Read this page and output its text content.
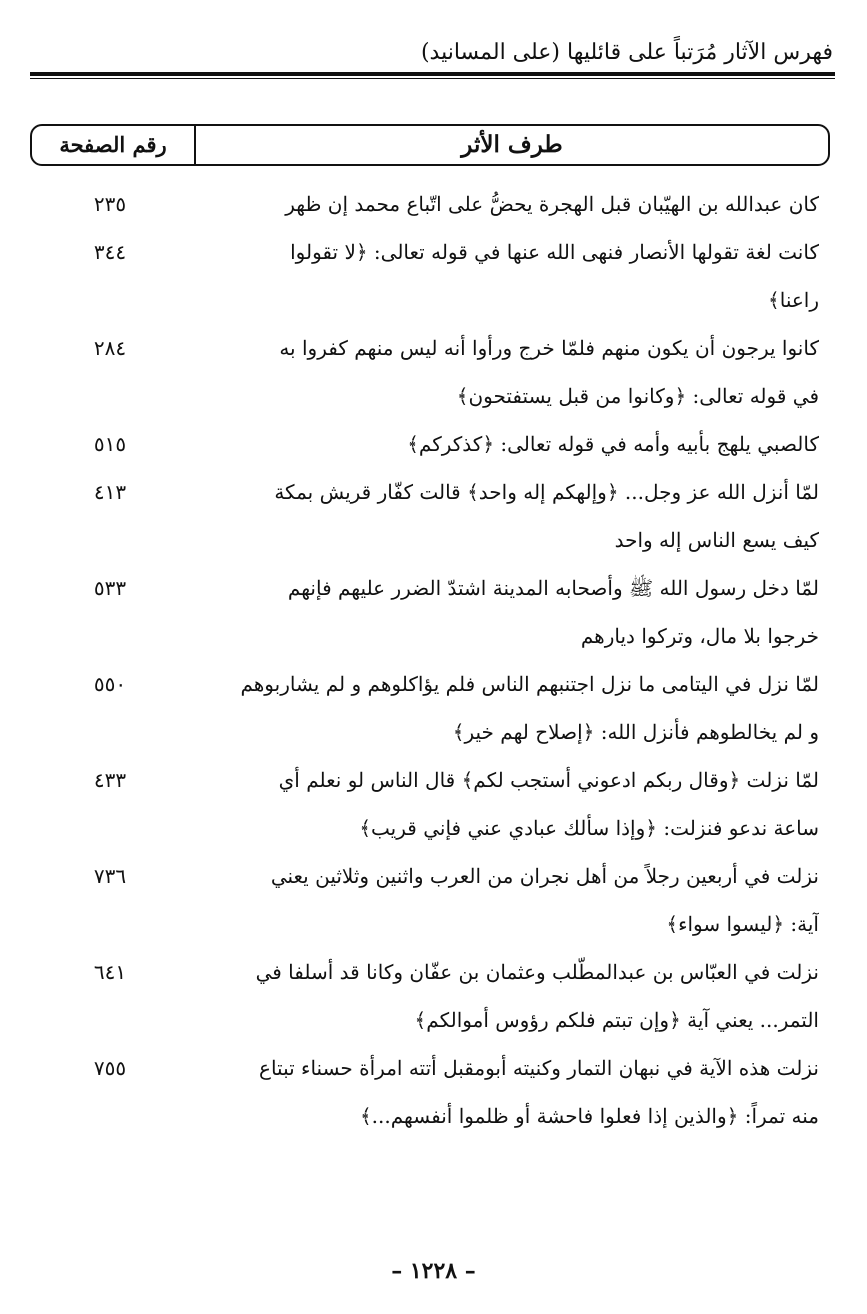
فهرس الآثار مُرَتباً على قائليها (على المسانيد)
طرف الأثر
رقم الصفحة
كان عبدالله بن الهيّبان قبل الهجرة يحضُّ على اتّباع محمد إن ظهر
٢٣٥
كانت لغة تقولها الأنصار فنهى الله عنها في قوله تعالى: ﴿لا تقولوا
راعنا﴾
٣٤٤
كانوا يرجون أن يكون منهم فلمّا خرج ورأوا أنه ليس منهم كفروا به
في قوله تعالى: ﴿وكانوا من قبل يستفتحون﴾
٢٨٤
كالصبي يلهج بأبيه وأمه في قوله تعالى: ﴿كذكركم﴾
٥١٥
لمّا أنزل الله عز وجل... ﴿وإلهكم إله واحد﴾ قالت كفّار قريش بمكة
كيف يسع الناس إله واحد
٤١٣
لمّا دخل رسول الله ﷺ وأصحابه المدينة اشتدّ الضرر عليهم فإنهم
خرجوا بلا مال، وتركوا ديارهم
٥٣٣
لمّا نزل في اليتامى ما نزل اجتنبهم الناس فلم يؤاكلوهم و لم يشاربوهم
و لم يخالطوهم فأنزل الله: ﴿إصلاح لهم خير﴾
٥٥٠
لمّا نزلت ﴿وقال ربكم ادعوني أستجب لكم﴾ قال الناس لو نعلم أي
ساعة ندعو فنزلت: ﴿وإذا سألك عبادي عني فإني قريب﴾
٤٣٣
نزلت في أربعين رجلاً من أهل نجران من العرب واثنين وثلاثين يعني
آية: ﴿ليسوا سواء﴾
٧٣٦
نزلت في العبّاس بن عبدالمطّلب وعثمان بن عفّان وكانا قد أسلفا في
التمر... يعني آية ﴿وإن تبتم فلكم رؤوس أموالكم﴾
٦٤١
نزلت هذه الآية في نبهان التمار وكنيته أبومقبل أتته امرأة حسناء تبتاع
منه تمراً: ﴿والذين إذا فعلوا فاحشة أو ظلموا أنفسهم...﴾
٧٥٥
– ١٢٢٨ –
